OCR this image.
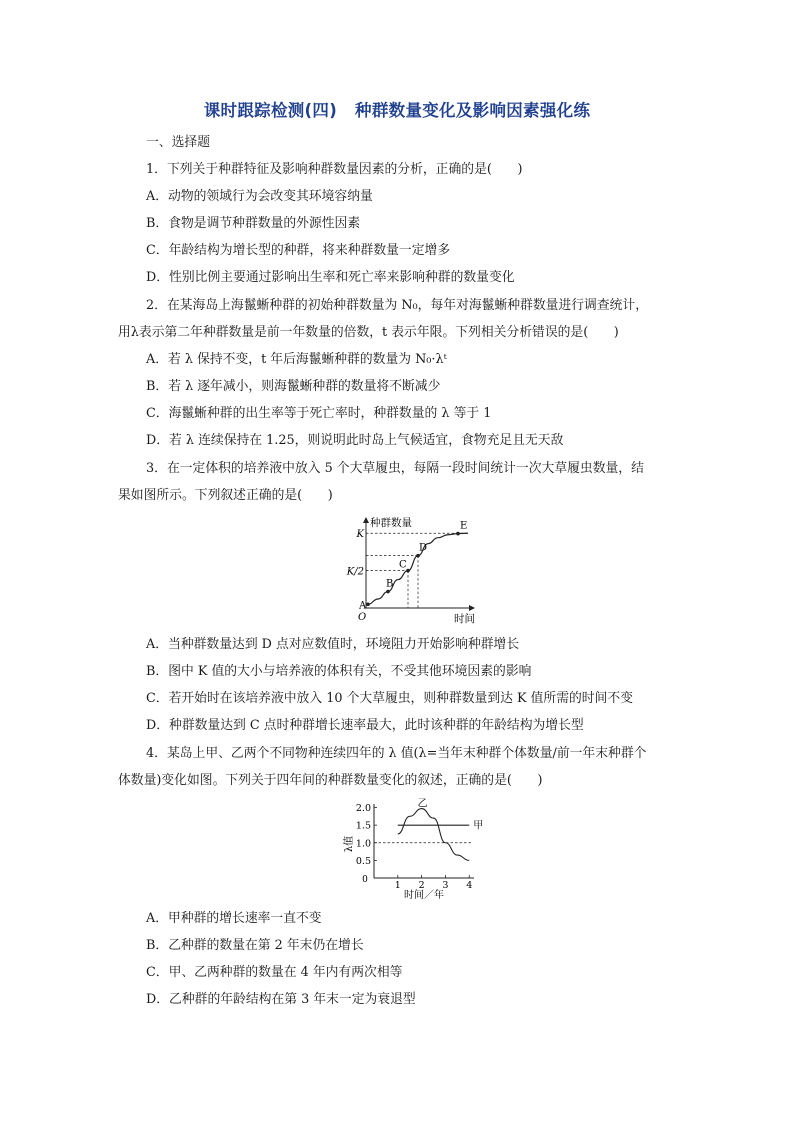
课时跟踪检测(四) 种群数量变化及影响因素强化练
一、选择题
1．下列关于种群特征及影响种群数量因素的分析，正确的是(　　)
A．动物的领域行为会改变其环境容纳量
B．食物是调节种群数量的外源性因素
C．年龄结构为增长型的种群，将来种群数量一定增多
D．性别比例主要通过影响出生率和死亡率来影响种群的数量变化
2．在某海岛上海鬣蜥种群的初始种群数量为 N₀，每年对海鬣蜥种群数量进行调查统计，
用λ表示第二年种群数量是前一年数量的倍数，t 表示年限。下列相关分析错误的是(　　)
A．若 λ 保持不变，t 年后海鬣蜥种群的数量为 N₀·λᵗ
B．若 λ 逐年减小，则海鬣蜥种群的数量将不断减少
C．海鬣蜥种群的出生率等于死亡率时，种群数量的 λ 等于 1
D．若 λ 连续保持在 1.25，则说明此时岛上气候适宜，食物充足且无天敌
3．在一定体积的培养液中放入 5 个大草履虫，每隔一段时间统计一次大草履虫数量，结
果如图所示。下列叙述正确的是(　　)
种群数量
时间
O
K
K/2
A
B
C
D
E
A．当种群数量达到 D 点对应数值时，环境阻力开始影响种群增长
B．图中 K 值的大小与培养液的体积有关，不受其他环境因素的影响
C．若开始时在该培养液中放入 10 个大草履虫，则种群数量到达 K 值所需的时间不变
D．种群数量达到 C 点时种群增长速率最大，此时该种群的年龄结构为增长型
4．某岛上甲、乙两个不同物种连续四年的 λ 值(λ=当年末种群个体数量/前一年末种群个
体数量)变化如图。下列关于四年间的种群数量变化的叙述，正确的是(　　)
λ值
时间／年
0
2.0
1.5
1.0
0.5
1 2 3 4
甲
乙
A．甲种群的增长速率一直不变
B．乙种群的数量在第 2 年末仍在增长
C．甲、乙两种群的数量在 4 年内有两次相等
D．乙种群的年龄结构在第 3 年末一定为衰退型
